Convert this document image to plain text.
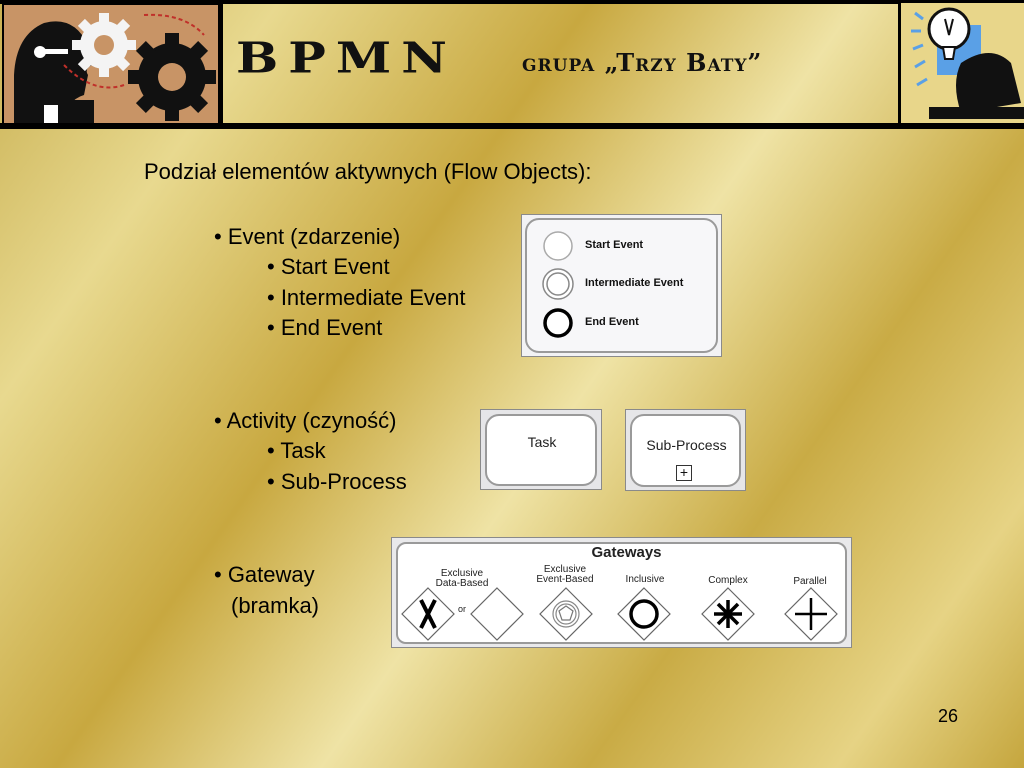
BPMN	grupa „Trzy Baty”
Podział elementów aktywnych (Flow Objects):
• Event (zdarzenie)
• Start Event
• Intermediate Event
• End Event
• Activity (czyność)
• Task
• Sub-Process
• Gateway
(bramka)
Start Event
Intermediate Event
End Event
Task	Sub-Process
+
Gateways
Exclusive
Data-Based
Exclusive
Event-Based	Inclusive	Complex	Parallel
or
26
